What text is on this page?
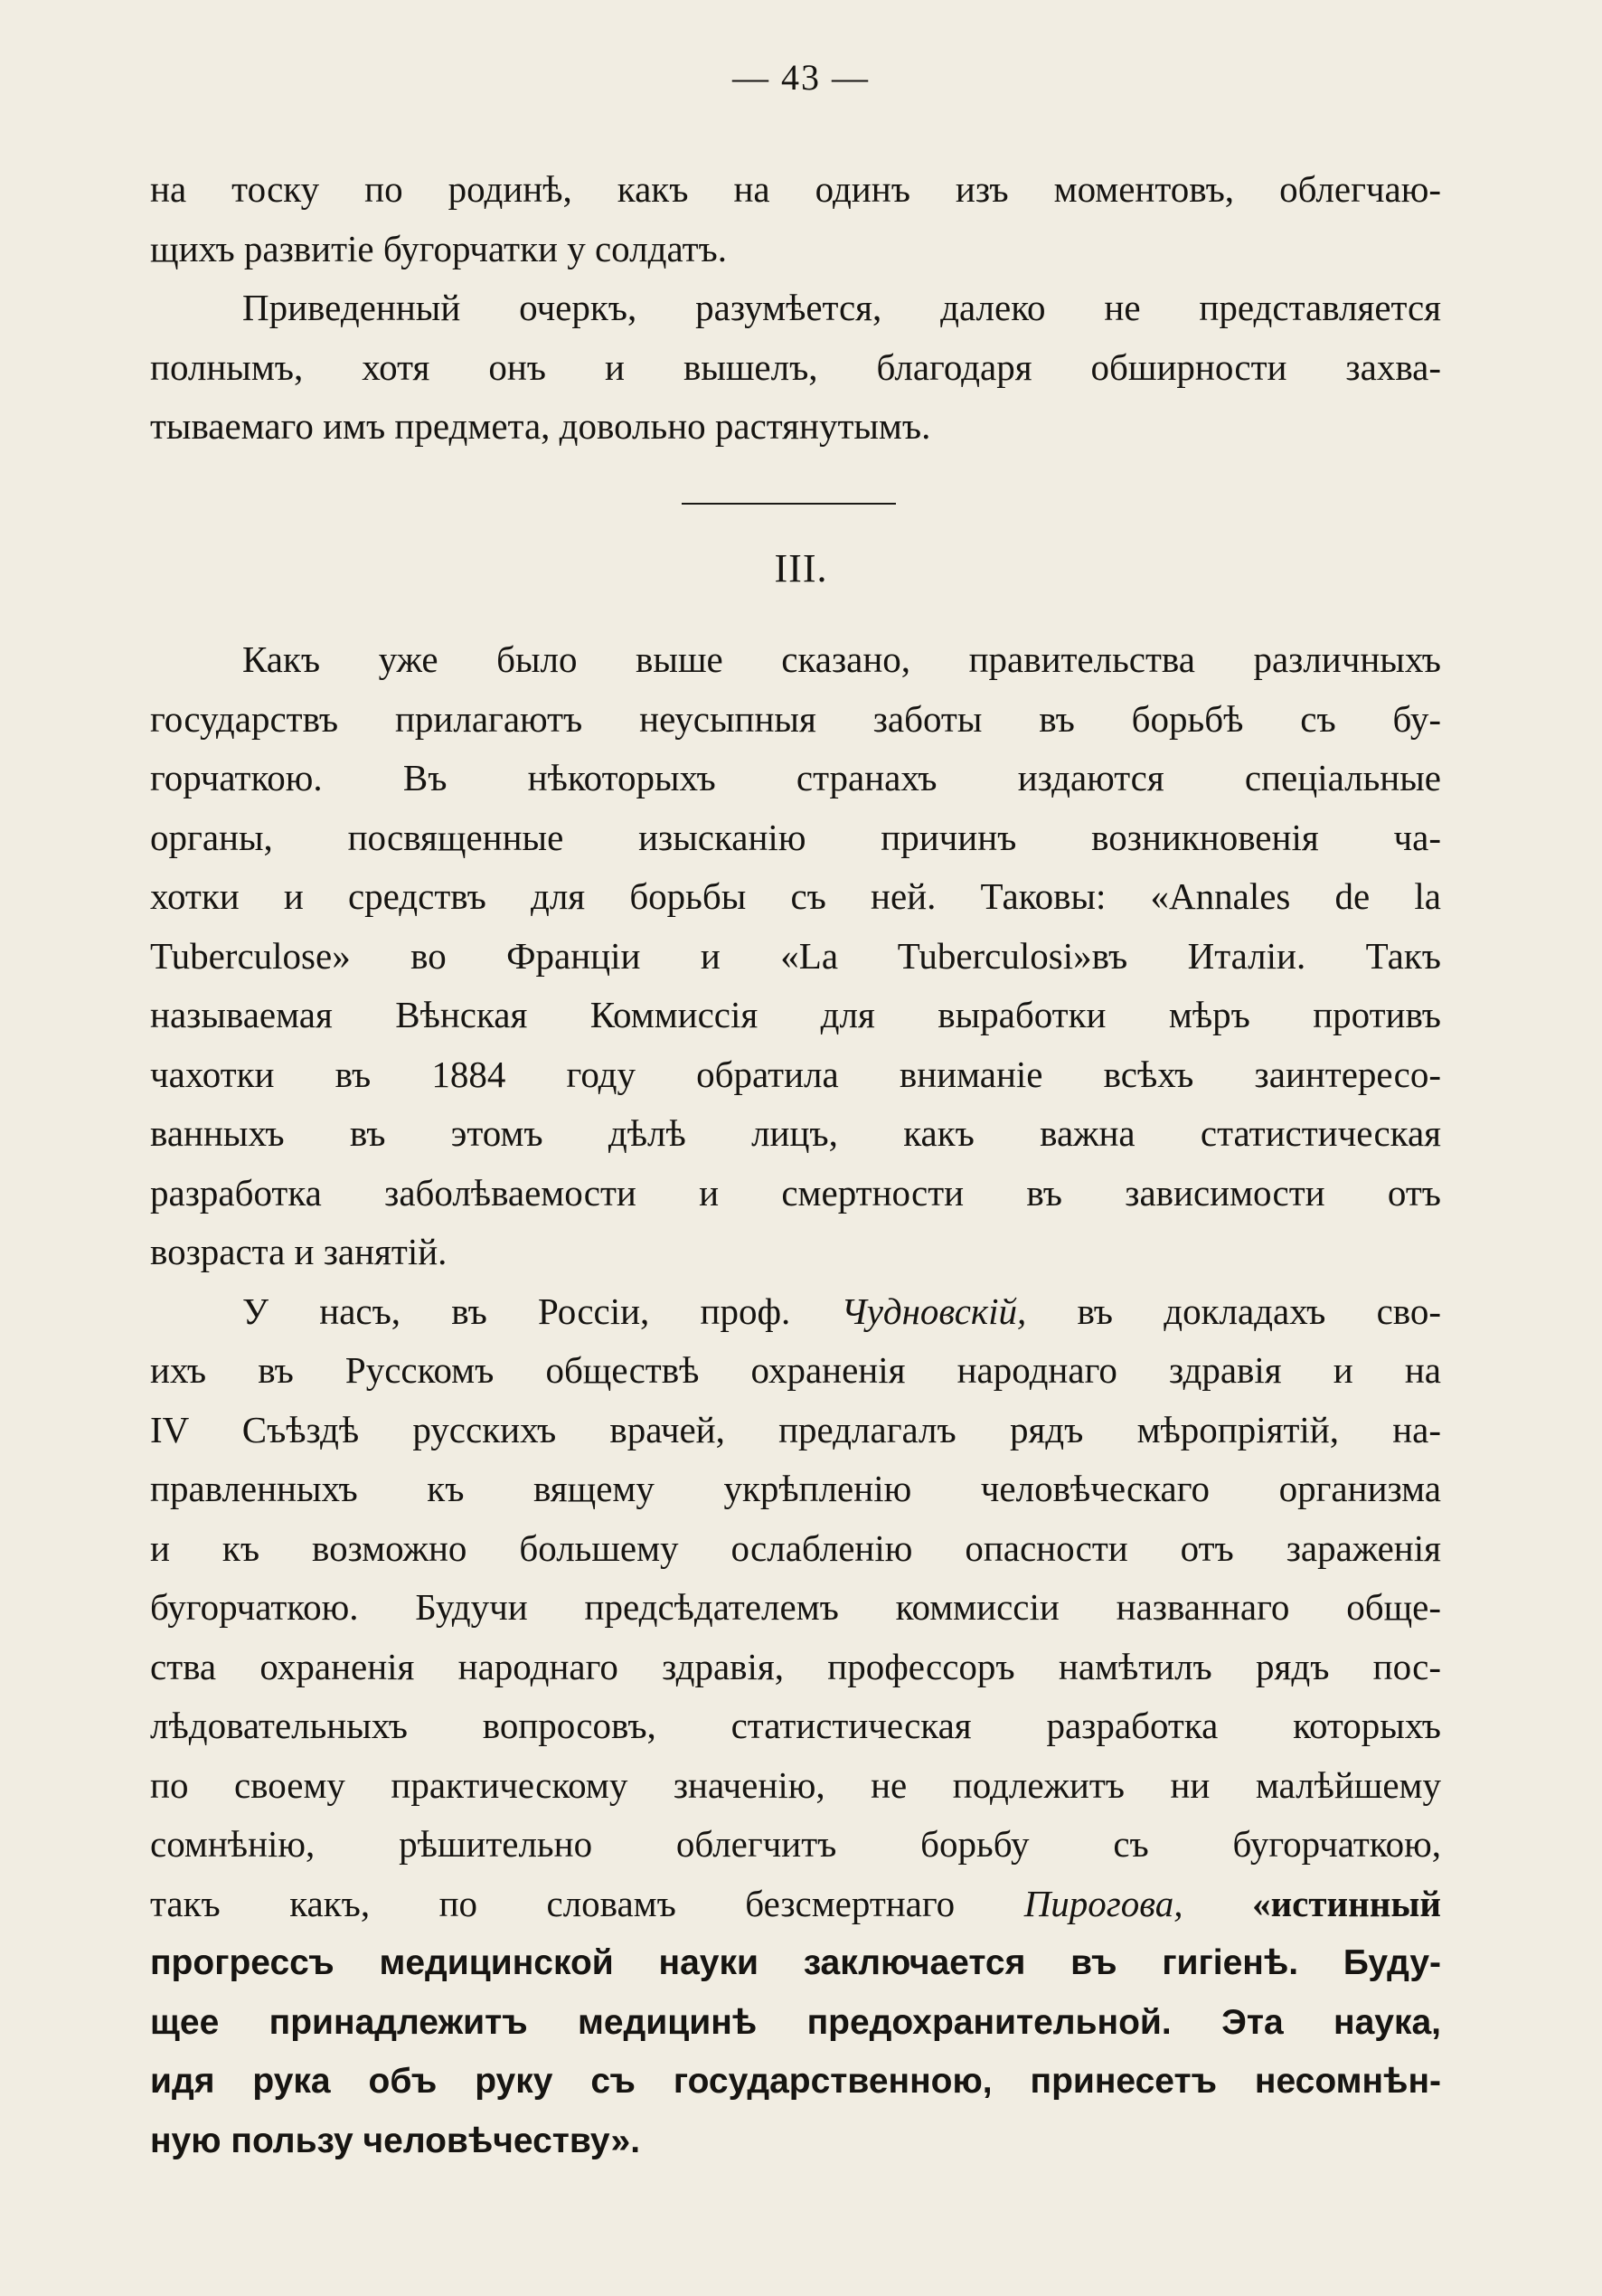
— 43 —
на тоску по родинѣ, какъ на одинъ изъ моментовъ, облегчаю-
щихъ развитіе бугорчатки у солдатъ.
Приведенный очеркъ, разумѣется, далеко не представляется
полнымъ, хотя онъ и вышелъ, благодаря обширности захва-
тываемаго имъ предмета, довольно растянутымъ.
III.
Какъ уже было выше сказано, правительства различныхъ
государствъ прилагаютъ неусыпныя заботы въ борьбѣ съ бу-
горчаткою. Въ нѣкоторыхъ странахъ издаются спеціальные
органы, посвященные изысканію причинъ возникновенія ча-
хотки и средствъ для борьбы съ ней. Таковы: «Annales de la
Tuberculose» во Франціи и «La Tuberculosi»въ Италіи. Такъ
называемая Вѣнская Коммиссія для выработки мѣръ противъ
чахотки въ 1884 году обратила вниманіе всѣхъ заинтересо-
ванныхъ въ этомъ дѣлѣ лицъ, какъ важна статистическая
разработка заболѣваемости и смертности въ зависимости отъ
возраста и занятій.
У насъ, въ Россіи, проф. Чудновскій, въ докладахъ сво-
ихъ въ Русскомъ обществѣ охраненія народнаго здравія и на
IV Съѣздѣ русскихъ врачей, предлагалъ рядъ мѣропріятій, на-
правленныхъ къ вящему укрѣпленію человѣческаго организма
и къ возможно большему ослабленію опасности отъ зараженія
бугорчаткою. Будучи предсѣдателемъ коммиссіи названнаго обще-
ства охраненія народнаго здравія, профессоръ намѣтилъ рядъ пос-
лѣдовательныхъ вопросовъ, статистическая разработка которыхъ
по своему практическому значенію, не подлежитъ ни малѣйшему
сомнѣнію, рѣшительно облегчитъ борьбу съ бугорчаткою,
такъ какъ, по словамъ безсмертнаго Пирогова, «истинный
прогрессъ медицинской науки заключается въ гигіенѣ. Буду-
щее принадлежитъ медицинѣ предохранительной. Эта наука,
идя рука объ руку съ государственною, принесетъ несомнѣн-
ную пользу человѣчеству».
